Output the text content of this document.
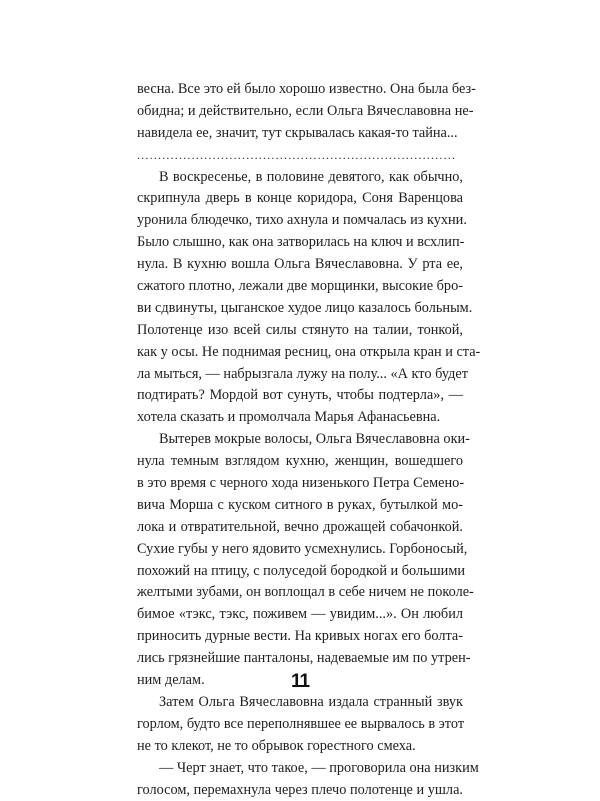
весна. Все это ей было хорошо известно. Она была без-
обидна; и действительно, если Ольга Вячеславовна не-
навидела ее, значит, тут скрывалась какая-то тайна...
............................................................................
В воскресенье, в половине девятого, как обычно,
скрипнула дверь в конце коридора, Соня Варенцова
уронила блюдечко, тихо ахнула и помчалась из кухни.
Было слышно, как она затворилась на ключ и всхлип-
нула. В кухню вошла Ольга Вячеславовна. У рта ее,
сжатого плотно, лежали две морщинки, высокие бро-
ви сдвинуты, цыганское худое лицо казалось больным.
Полотенце изо всей силы стянуто на талии, тонкой,
как у осы. Не поднимая ресниц, она открыла кран и ста-
ла мыться, — набрызгала лужу на полу... «А кто будет
подтирать? Мордой вот сунуть, чтобы подтерла», —
хотела сказать и промолчала Марья Афанасьевна.
Вытерев мокрые волосы, Ольга Вячеславовна оки-
нула темным взглядом кухню, женщин, вошедшего
в это время с черного хода низенького Петра Семено-
вича Морша с куском ситного в руках, бутылкой мо-
лока и отвратительной, вечно дрожащей собачонкой.
Сухие губы у него ядовито усмехнулись. Горбоносый,
похожий на птицу, с полуседой бородкой и большими
желтыми зубами, он воплощал в себе ничем не поколе-
бимое «тэкс, тэкс, поживем — увидим...». Он любил
приносить дурные вести. На кривых ногах его болта-
лись грязнейшие панталоны, надеваемые им по утрен-
ним делам.
Затем Ольга Вячеславовна издала странный звук
горлом, будто все переполнявшее ее вырвалось в этот
не то клекот, не то обрывок горестного смеха.
— Черт знает, что такое, — проговорила она низким
голосом, перемахнула через плечо полотенце и ушла.
11
